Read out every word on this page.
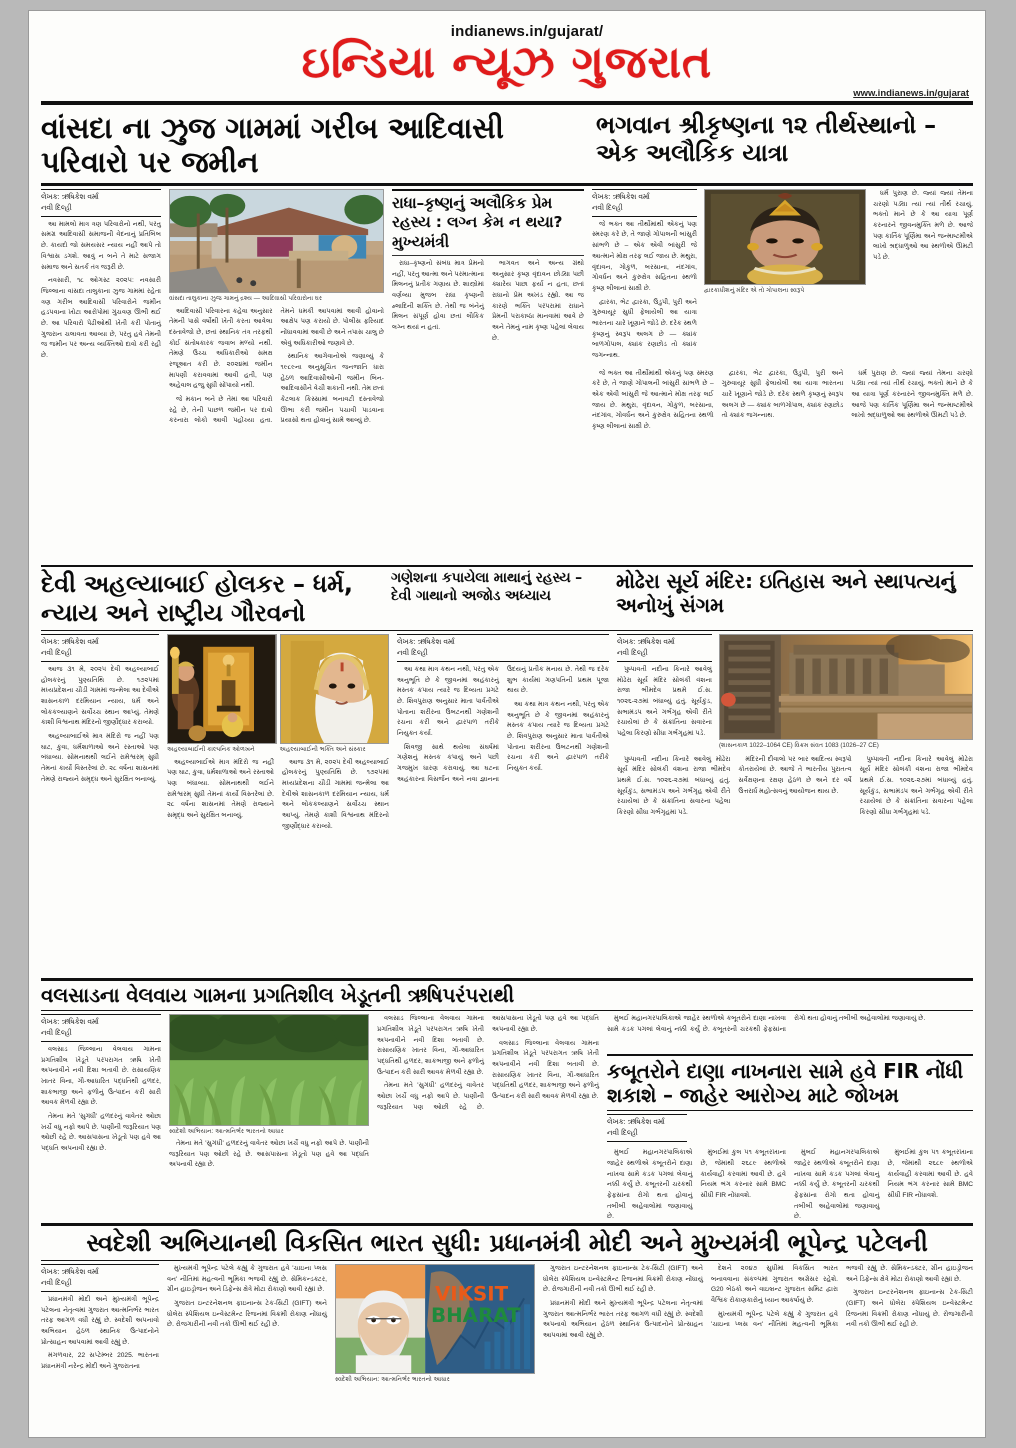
indianews.in/gujarat/
ઇન્ડિયા ન્યૂઝ ગુજરાત
www.indianews.in/gujarat
વાંસદા ના ઝુજ ગામમાં ગરીબ આદિવાસી પરિવારો પર જમીન
ભગવાન શ્રીકૃષ્ણના ૧૨ તીર્થસ્થાનો – એક અલૌકિક યાત્રા
લેખક: ઋષિકેશ વર્મા
નવી દિલ્હી

આ મામલો માત્ર ત્રણ પરિવારોનો નથી, પરંતુ સમગ્ર આદિવાસી સમાજની વેદનાનું પ્રતિબિંબ છે. કાયદો જો સમયસર ન્યાય નહીં આપે તો વિશ્વાસ ડગશે. આવું ન બને તે માટે સજાગ સમાજ અને સતર્ક તંત્ર જરૂરી છે.

નવસારી, ૧૮ ઓગસ્ટ ૨૦૨૫: નવસારી જિલ્લાના વાંસદા તાલુકાના ઝુજ ગામમાં રહેતા ત્રણ ગરીબ આદિવાસી પરિવારોને જમીન હડપવાના ખોટા આરોપોમાં ગુંચવણ ઊભી થઈ છે. આ પરિવારો પેઢીઓથી ખેતી કરી પોતાનું ગુજરાન ચલાવતા આવ્યા છે, પરંતુ હવે તેમની જ જમીન પર અન્ય વ્યક્તિઓ દાવો કરી રહી છે.

વાંસદા તાલુકાના ઝુજ ગામનું દ્રશ્ય — આદિવાસી પરિવારોના ઘર

આદિવાસી પરિવારના કહેવા અનુસાર તેમની પાસે વર્ષોથી ખેતી કરતા આવેલા દસ્તાવેજો છે, છતાં સ્થાનિક તંત્ર તરફથી કોઈ સંતોષકારક જવાબ મળ્યો નથી. તેમણે ઉચ્ચ અધિકારીઓ સમક્ષ રજૂઆત કરી છે. ૨૦૨૪માં જમીન માપણી કરાવવામાં આવી હતી, પણ અહેવાલ હજુ સુધી સોંપાયો નથી.

જે મકાન બને છે તેમાં આ પરિવારો રહે છે, તેની પાછળ જમીન પર દાવો કરનારા લોકો આવી પહોંચ્યા હતા. તેમને ધમકી આપવામાં આવી હોવાનો આક્ષેપ પણ કરાયો છે. પોલીસ ફરિયાદ નોંધાવવામાં આવી છે અને તપાસ ચાલુ છે એવું અધિકારીઓ જણાવે છે.

સ્થાનિક આગેવાનોએ જણાવ્યું કે ૧૯૮૯ના અનુસૂચિત જનજાતિ ધારા હેઠળ આદિવાસીઓની જમીન બિન-આદિવાસીને વેચી શકાતી નથી. તેમ છતાં કેટલાક કિસ્સામાં બનાવટી દસ્તાવેજો ઊભા કરી જમીન પચાવી પાડવાના પ્રયાસો થતા હોવાનું સામે આવ્યું છે.

રાધા–કૃષ્ણનું અલૌકિક પ્રેમ રહસ્ય : લગ્ન કેમ ન થયા?મુખ્યમંત્રી

રાધા–કૃષ્ણનો સંબંધ માત્ર પ્રેમનો નહીં, પરંતુ આત્મા અને પરમાત્માના મિલનનું પ્રતીક ગણાય છે. શાસ્ત્રોમાં વર્ણવ્યા મુજબ રાધા કૃષ્ણની હ્લાદિની શક્તિ છે. તેથી જ બંનેનું મિલન સંપૂર્ણ હોવા છતાં લૌકિક લગ્ન થયાં ન હતાં.

ભાગવત અને અન્ય ગ્રંથો અનુસાર કૃષ્ણ વૃંદાવન છોડ્યા પછી ક્યારેય પાછા ફર્યા ન હતા, છતાં રાધાનો પ્રેમ અખંડ રહ્યો. આ જ કારણે ભક્તિ પરંપરામાં રાધાને પ્રેમની પરાકાષ્ઠા માનવામાં આવે છે અને તેમનું નામ કૃષ્ણ પહેલાં લેવાય છે.

લેખક: ઋષિકેશ વર્મા
નવી દિલ્હી

જે ભક્ત આ તીર્થોમાંથી એકનું પણ સ્મરણ કરે છે, તે જાણે ગોપાલની બાંસુરી સાંભળે છે – એક એવી બાંસુરી જે આત્માને મોક્ષ તરફ લઈ જાય છે. મથુરા, વૃંદાવન, ગોકુળ, બરસાના, નંદગાંવ, ગોવર્ધન અને કુરુક્ષેત્ર સહિતના સ્થળો કૃષ્ણ લીલાનાં સાક્ષી છે.

દ્વારકા, ભેટ દ્વારકા, ઉડુપી, પુરી અને ગુરુવાયૂર સુધી ફેલાયેલી આ યાત્રા ભારતના ચારે ખૂણાને જોડે છે. દરેક સ્થળે કૃષ્ણનું સ્વરૂપ અલગ છે — ક્યાંક બાળગોપાલ, ક્યાંક રણછોડ તો ક્યાંક જગન્નાથ.

દ્વારકાધીશનું મંદિર એ તો ગોપાલના સ્વરૂપે

ધર્મ પુરાણ છે. જ્યાં જ્યાં તેમના ચરણો પડ્યા ત્યાં ત્યાં તીર્થ રચાયું. ભક્તો માને છે કે આ યાત્રા પૂર્ણ કરનારને જીવનમુક્તિ મળે છે. આજે પણ કાર્તિક પૂર્ણિમા અને જન્માષ્ટમીએ લાખો શ્રદ્ધાળુઓ આ સ્થળોએ ઊમટી પડે છે.

જે ભક્ત આ તીર્થોમાંથી એકનું પણ સ્મરણ કરે છે, તે જાણે ગોપાલની બાંસુરી સાંભળે છે – એક એવી બાંસુરી જે આત્માને મોક્ષ તરફ લઈ જાય છે. મથુરા, વૃંદાવન, ગોકુળ, બરસાના, નંદગાંવ, ગોવર્ધન અને કુરુક્ષેત્ર સહિતના સ્થળો કૃષ્ણ લીલાનાં સાક્ષી છે.

દ્વારકા, ભેટ દ્વારકા, ઉડુપી, પુરી અને ગુરુવાયૂર સુધી ફેલાયેલી આ યાત્રા ભારતના ચારે ખૂણાને જોડે છે. દરેક સ્થળે કૃષ્ણનું સ્વરૂપ અલગ છે — ક્યાંક બાળગોપાલ, ક્યાંક રણછોડ તો ક્યાંક જગન્નાથ.

ધર્મ પુરાણ છે. જ્યાં જ્યાં તેમના ચરણો પડ્યા ત્યાં ત્યાં તીર્થ રચાયું. ભક્તો માને છે કે આ યાત્રા પૂર્ણ કરનારને જીવનમુક્તિ મળે છે. આજે પણ કાર્તિક પૂર્ણિમા અને જન્માષ્ટમીએ લાખો શ્રદ્ધાળુઓ આ સ્થળોએ ઊમટી પડે છે.

દેવી અહલ્યાબાઈ હોલકર – ધર્મ, ન્યાય અને રાષ્ટ્રીય ગૌરવનો
ગણેશના કપાયેલા માથાનું રહસ્ય – દેવી ગાથાનો અજોડ અધ્યાય
મોઢેરા સૂર્ય મંદિર: ઇતિહાસ અને સ્થાપત્યનું અનોખું સંગમ
લેખક: ઋષિકેશ વર્મા
નવી દિલ્હી

આજ ૩૧ મે, ૨૦૨૫ દેવી અહલ્યાબાઈ હોલકરનું પુણ્યતિથિ છે. ૧૭૨૫માં મધ્યપ્રદેશના ચૌંડી ગામમાં જન્મેલા આ દેવીએ શાસનકાળ દરમિયાન ન્યાય, ધર્મ અને લોકકલ્યાણને સર્વોચ્ચ સ્થાન આપ્યું. તેમણે કાશી વિશ્વનાથ મંદિરનો જીર્ણોદ્ધાર કરાવ્યો.

અહલ્યાબાઈએ માત્ર મંદિરો જ નહીં પણ ઘાટ, કુવા, ધર્મશાળાઓ અને રસ્તાઓ પણ બંધાવ્યા. સોમનાથથી લઈને રામેશ્વરમ્ સુધી તેમનાં કાર્યો વિસ્તરેલાં છે. ૨૮ વર્ષના શાસનમાં તેમણે રાજ્યને સમૃદ્ધ અને સુરક્ષિત બનાવ્યું.

અહલ્યાબાઈની કાલ્પનિક ઓળખને	અહલ્યાબાઈની ભક્તિ અને સંસ્કાર

અહલ્યાબાઈએ માત્ર મંદિરો જ નહીં પણ ઘાટ, કુવા, ધર્મશાળાઓ અને રસ્તાઓ પણ બંધાવ્યા. સોમનાથથી લઈને રામેશ્વરમ્ સુધી તેમનાં કાર્યો વિસ્તરેલાં છે. ૨૮ વર્ષના શાસનમાં તેમણે રાજ્યને સમૃદ્ધ અને સુરક્ષિત બનાવ્યું.

આજ ૩૧ મે, ૨૦૨૫ દેવી અહલ્યાબાઈ હોલકરનું પુણ્યતિથિ છે. ૧૭૨૫માં મધ્યપ્રદેશના ચૌંડી ગામમાં જન્મેલા આ દેવીએ શાસનકાળ દરમિયાન ન્યાય, ધર્મ અને લોકકલ્યાણને સર્વોચ્ચ સ્થાન આપ્યું. તેમણે કાશી વિશ્વનાથ મંદિરનો જીર્ણોદ્ધાર કરાવ્યો.

લેખક: ઋષિકેશ વર્મા
નવી દિલ્હી

આ કથા માત્ર કથન નથી, પરંતુ એક અનુભૂતિ છે કે જીવનમાં અહંકારનું મસ્તક કપાય ત્યારે જ દિવ્યતા પ્રગટે છે. શિવપુરાણ અનુસાર માતા પાર્વતીએ પોતાના શરીરના ઉબટનથી ગણેશની રચના કરી અને દ્વારપાળ તરીકે નિયુક્ત કર્યા.

શિવજી સાથે થયેલા સંઘર્ષમાં ગણેશનું મસ્તક કપાયું અને પછી ગજમુખ ધારણ કરાવાયું. આ ઘટના અહંકારના વિસર્જન અને નવા જ્ઞાનના ઉદયનું પ્રતીક મનાય છે. તેથી જ દરેક શુભ કાર્યમાં ગણપતિની પ્રથમ પૂજા થાય છે.

આ કથા માત્ર કથન નથી, પરંતુ એક અનુભૂતિ છે કે જીવનમાં અહંકારનું મસ્તક કપાય ત્યારે જ દિવ્યતા પ્રગટે છે. શિવપુરાણ અનુસાર માતા પાર્વતીએ પોતાના શરીરના ઉબટનથી ગણેશની રચના કરી અને દ્વારપાળ તરીકે નિયુક્ત કર્યા.

લેખક: ઋષિકેશ વર્મા
નવી દિલ્હી

પુષ્પાવતી નદીના કિનારે આવેલું મોઢેરા સૂર્ય મંદિર સોલંકી વંશના રાજા ભીમદેવ પ્રથમે ઈ.સ. ૧૦૨૬-૨૭માં બંધાવ્યું હતું. સૂર્યકુંડ, સભામંડપ અને ગર્ભગૃહ એવી રીતે રચાયેલાં છે કે સંક્રાંતિના સવારના પહેલા કિરણો સીધા ગર્ભગૃહમાં પડે.

(શાસનકાળ 1022–1064 CE) વિક્રમ સંવત 1083 (1026–27 CE)

પુષ્પાવતી નદીના કિનારે આવેલું મોઢેરા સૂર્ય મંદિર સોલંકી વંશના રાજા ભીમદેવ પ્રથમે ઈ.સ. ૧૦૨૬-૨૭માં બંધાવ્યું હતું. સૂર્યકુંડ, સભામંડપ અને ગર્ભગૃહ એવી રીતે રચાયેલાં છે કે સંક્રાંતિના સવારના પહેલા કિરણો સીધા ગર્ભગૃહમાં પડે.

મંદિરની દીવાલો પર બાર આદિત્ય સ્વરૂપો કોતરાયેલાં છે. આજે તે ભારતીય પુરાતત્વ સર્વેક્ષણના રક્ષણ હેઠળ છે અને દર વર્ષે ઉત્તરાર્ધ મહોત્સવનું આયોજન થાય છે.

પુષ્પાવતી નદીના કિનારે આવેલું મોઢેરા સૂર્ય મંદિર સોલંકી વંશના રાજા ભીમદેવ પ્રથમે ઈ.સ. ૧૦૨૬-૨૭માં બંધાવ્યું હતું. સૂર્યકુંડ, સભામંડપ અને ગર્ભગૃહ એવી રીતે રચાયેલાં છે કે સંક્રાંતિના સવારના પહેલા કિરણો સીધા ગર્ભગૃહમાં પડે.

વલસાડના વેલવાય ગામના પ્રગતિશીલ ખેડૂતની ઋષિપરંપરાથી
લેખક: ઋષિકેશ વર્મા
નવી દિલ્હી

વલસાડ જિલ્લાના વેલવાય ગામના પ્રગતિશીલ ખેડૂતે પરંપરાગત ઋષિ ખેતી અપનાવીને નવી દિશા બતાવી છે. રાસાયણિક ખાતર વિના, ગૌ-આધારિત પદ્ધતિથી હળદર, શાકભાજી અને ફળોનું ઉત્પાદન કરી સારી આવક મેળવી રહ્યા છે.

તેમના મતે 'સુગંધી' હળદરનું વાવેતર ઓછા ખર્ચે વધુ નફો આપે છે. પાણીની જરૂરિયાત પણ ઓછી રહે છે. આસપાસના ખેડૂતો પણ હવે આ પદ્ધતિ અપનાવી રહ્યા છે.

સ્વદેશી અભિયાન: આત્મનિર્ભર ભારતનો આધાર

તેમના મતે 'સુગંધી' હળદરનું વાવેતર ઓછા ખર્ચે વધુ નફો આપે છે. પાણીની જરૂરિયાત પણ ઓછી રહે છે. આસપાસના ખેડૂતો પણ હવે આ પદ્ધતિ અપનાવી રહ્યા છે.

વલસાડ જિલ્લાના વેલવાય ગામના પ્રગતિશીલ ખેડૂતે પરંપરાગત ઋષિ ખેતી અપનાવીને નવી દિશા બતાવી છે. રાસાયણિક ખાતર વિના, ગૌ-આધારિત પદ્ધતિથી હળદર, શાકભાજી અને ફળોનું ઉત્પાદન કરી સારી આવક મેળવી રહ્યા છે.

તેમના મતે 'સુગંધી' હળદરનું વાવેતર ઓછા ખર્ચે વધુ નફો આપે છે. પાણીની જરૂરિયાત પણ ઓછી રહે છે. આસપાસના ખેડૂતો પણ હવે આ પદ્ધતિ અપનાવી રહ્યા છે.

વલસાડ જિલ્લાના વેલવાય ગામના પ્રગતિશીલ ખેડૂતે પરંપરાગત ઋષિ ખેતી અપનાવીને નવી દિશા બતાવી છે. રાસાયણિક ખાતર વિના, ગૌ-આધારિત પદ્ધતિથી હળદર, શાકભાજી અને ફળોનું ઉત્પાદન કરી સારી આવક મેળવી રહ્યા છે.

મુંબઈ મહાનગરપાલિકાએ જાહેર સ્થળોએ કબૂતરોને દાણા નાખવા સામે કડક પગલાં લેવાનું નક્કી કર્યું છે. કબૂતરની ચરકથી ફેફસાંના રોગો થતા હોવાનું તબીબી અહેવાલોમાં જણાવાયું છે.

કબૂતરોને દાણા નાખનારા સામે હવે FIR નોંધી શકાશે – જાહેર આરોગ્ય માટે જોખમ
લેખક: ઋષિકેશ વર્મા
નવી દિલ્હી

મુંબઈ મહાનગરપાલિકાએ જાહેર સ્થળોએ કબૂતરોને દાણા નાખવા સામે કડક પગલાં લેવાનું નક્કી કર્યું છે. કબૂતરની ચરકથી ફેફસાંના રોગો થતા હોવાનું તબીબી અહેવાલોમાં જણાવાયું છે.

મુંબઈમાં કુલ ૫૧ કબૂતરખાના છે, જેમાંથી ૨૬૮૯ સ્થળોએ કાર્યવાહી કરવામાં આવી છે. હવે નિયમ ભંગ કરનાર સામે BMC સીધી FIR નોંધાવશે.

મુંબઈ મહાનગરપાલિકાએ જાહેર સ્થળોએ કબૂતરોને દાણા નાખવા સામે કડક પગલાં લેવાનું નક્કી કર્યું છે. કબૂતરની ચરકથી ફેફસાંના રોગો થતા હોવાનું તબીબી અહેવાલોમાં જણાવાયું છે.

મુંબઈમાં કુલ ૫૧ કબૂતરખાના છે, જેમાંથી ૨૬૮૯ સ્થળોએ કાર્યવાહી કરવામાં આવી છે. હવે નિયમ ભંગ કરનાર સામે BMC સીધી FIR નોંધાવશે.

સ્વદેશી અભિયાનથી વિકસિત ભારત સુધી: પ્રધાનમંત્રી મોદી અને મુખ્યમંત્રી ભૂપેન્દ્ર પટેલની
લેખક: ઋષિકેશ વર્મા
નવી દિલ્હી

પ્રધાનમંત્રી મોદી અને મુખ્યમંત્રી ભૂપેન્દ્ર પટેલના નેતૃત્વમાં ગુજરાત આત્મનિર્ભર ભારત તરફ આગળ વધી રહ્યું છે. સ્વદેશી અપનાવો અભિયાન હેઠળ સ્થાનિક ઉત્પાદનોને પ્રોત્સાહન આપવામાં આવી રહ્યું છે.

મંગળવાર, 22 સપ્ટેમ્બર 2025. ભારતના પ્રધાનમંત્રી નરેન્દ્ર મોદી અને ગુજરાતના

મુખ્યમંત્રી ભૂપેન્દ્ર પટેલે કહ્યું કે ગુજરાત હવે 'ચાઇના પ્લસ વન' નીતિમાં મહત્વની ભૂમિકા ભજવી રહ્યું છે. સેમિકન્ડક્ટર, ગ્રીન હાઇડ્રોજન અને ડિફેન્સ ક્ષેત્રે મોટા રોકાણો આવી રહ્યાં છે.

ગુજરાત ઇન્ટરનેશનલ ફાઇનાન્સ ટેક-સિટી (GIFT) અને ધોલેરા સ્પેશિયલ ઇન્વેસ્ટમેન્ટ રિજનમાં વિક્રમી રોકાણ નોંધાયું છે. રોજગારીની નવી તકો ઊભી થઈ રહી છે.

VIKSIT
BHARAT
સ્વદેશી અભિયાન: આત્મનિર્ભર ભારતનો આધાર

ગુજરાત ઇન્ટરનેશનલ ફાઇનાન્સ ટેક-સિટી (GIFT) અને ધોલેરા સ્પેશિયલ ઇન્વેસ્ટમેન્ટ રિજનમાં વિક્રમી રોકાણ નોંધાયું છે. રોજગારીની નવી તકો ઊભી થઈ રહી છે.

પ્રધાનમંત્રી મોદી અને મુખ્યમંત્રી ભૂપેન્દ્ર પટેલના નેતૃત્વમાં ગુજરાત આત્મનિર્ભર ભારત તરફ આગળ વધી રહ્યું છે. સ્વદેશી અપનાવો અભિયાન હેઠળ સ્થાનિક ઉત્પાદનોને પ્રોત્સાહન આપવામાં આવી રહ્યું છે.

દેશને ૨૦૪૭ સુધીમાં વિકસિત ભારત બનાવવાના સંકલ્પમાં ગુજરાત અગ્રેસર રહેશે. G20 બેઠકો અને વાઇબ્રન્ટ ગુજરાત સમિટ દ્વારા વૈશ્વિક રોકાણકારોનું ધ્યાન આકર્ષાયું છે.

મુખ્યમંત્રી ભૂપેન્દ્ર પટેલે કહ્યું કે ગુજરાત હવે 'ચાઇના પ્લસ વન' નીતિમાં મહત્વની ભૂમિકા ભજવી રહ્યું છે. સેમિકન્ડક્ટર, ગ્રીન હાઇડ્રોજન અને ડિફેન્સ ક્ષેત્રે મોટા રોકાણો આવી રહ્યાં છે.

ગુજરાત ઇન્ટરનેશનલ ફાઇનાન્સ ટેક-સિટી (GIFT) અને ધોલેરા સ્પેશિયલ ઇન્વેસ્ટમેન્ટ રિજનમાં વિક્રમી રોકાણ નોંધાયું છે. રોજગારીની નવી તકો ઊભી થઈ રહી છે.
